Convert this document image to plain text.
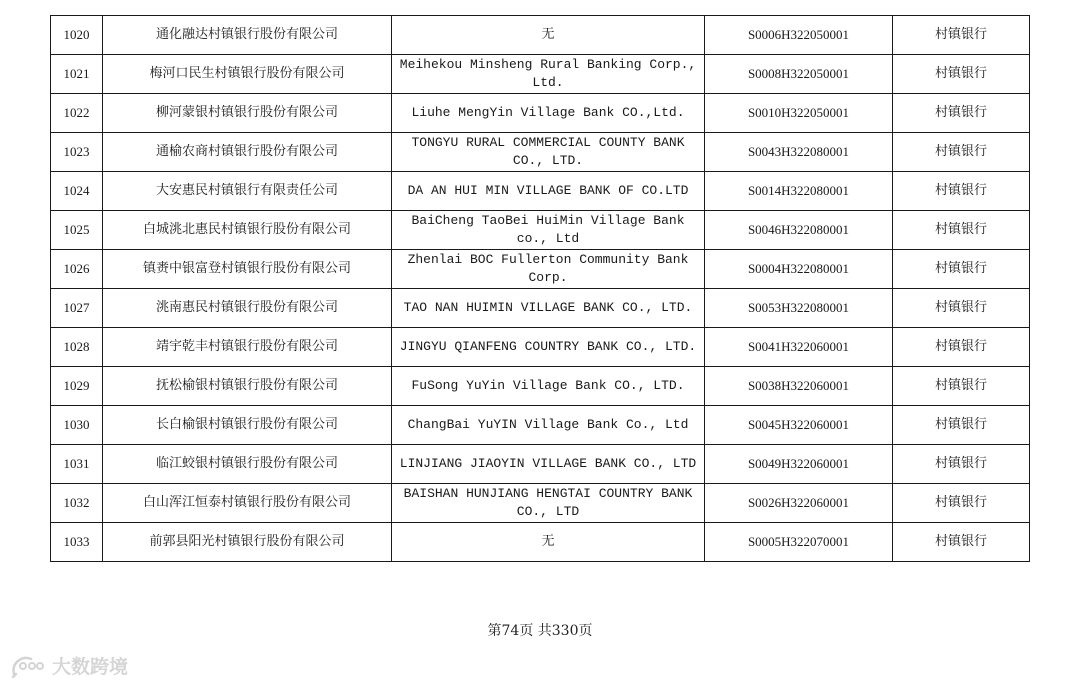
1020	通化融达村镇银行股份有限公司	无	S0006H322050001	村镇银行
1021	梅河口民生村镇银行股份有限公司	Meihekou Minsheng Rural Banking Corp., Ltd.	S0008H322050001	村镇银行
1022	柳河蒙银村镇银行股份有限公司	Liuhe MengYin Village Bank CO.,Ltd.	S0010H322050001	村镇银行
1023	通榆农商村镇银行股份有限公司	TONGYU RURAL COMMERCIAL COUNTY BANK CO., LTD.	S0043H322080001	村镇银行
1024	大安惠民村镇银行有限责任公司	DA AN HUI MIN VILLAGE BANK OF CO.LTD	S0014H322080001	村镇银行
1025	白城洮北惠民村镇银行股份有限公司	BaiCheng TaoBei HuiMin Village Bank co., Ltd	S0046H322080001	村镇银行
1026	镇赉中银富登村镇银行股份有限公司	Zhenlai BOC Fullerton Community Bank Corp.	S0004H322080001	村镇银行
1027	洮南惠民村镇银行股份有限公司	TAO NAN HUIMIN VILLAGE BANK CO., LTD.	S0053H322080001	村镇银行
1028	靖宇乾丰村镇银行股份有限公司	JINGYU QIANFENG COUNTRY BANK CO., LTD.	S0041H322060001	村镇银行
1029	抚松榆银村镇银行股份有限公司	FuSong YuYin Village Bank CO., LTD.	S0038H322060001	村镇银行
1030	长白榆银村镇银行股份有限公司	ChangBai YuYIN Village Bank Co., Ltd	S0045H322060001	村镇银行
1031	临江蛟银村镇银行股份有限公司	LINJIANG JIAOYIN VILLAGE BANK CO., LTD	S0049H322060001	村镇银行
1032	白山浑江恒泰村镇银行股份有限公司	BAISHAN HUNJIANG HENGTAI COUNTRY BANK CO., LTD	S0026H322060001	村镇银行
1033	前郭县阳光村镇银行股份有限公司	无	S0005H322070001	村镇银行
第74页 共330页
大数跨境
